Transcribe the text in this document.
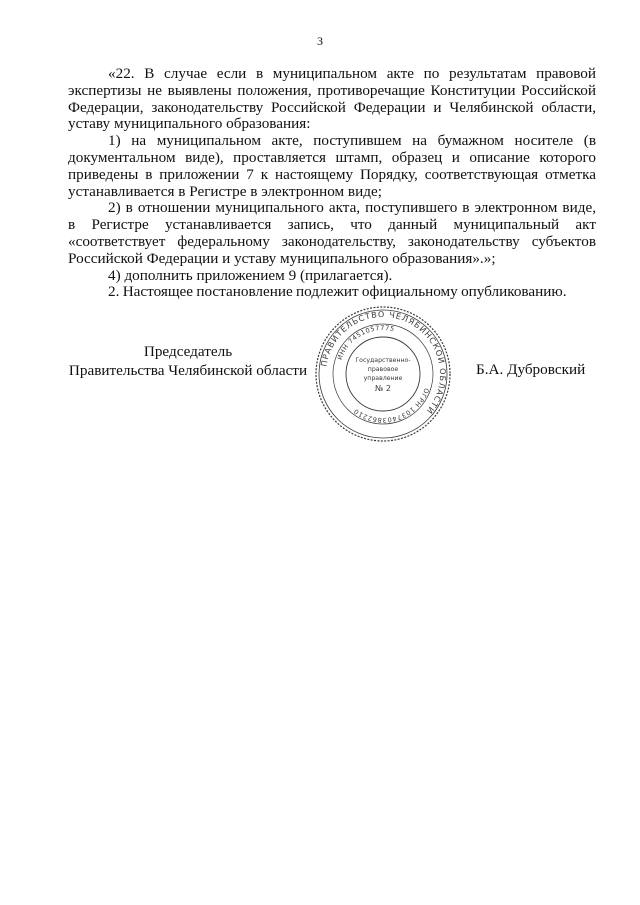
3

«22. В случае если в муниципальном акте по результатам правовой экспертизы не выявлены положения, противоречащие Конституции Российской Федерации, законодательству Российской Федерации и Челябинской области, уставу муниципального образования:

1) на муниципальном акте, поступившем на бумажном носителе (в документальном виде), проставляется штамп, образец и описание которого приведены в приложении 7 к настоящему Порядку, соответствующая отметка устанавливается в Регистре в электронном виде;

2) в отношении муниципального акта, поступившего в электронном виде, в Регистре устанавливается запись, что данный муниципальный акт «соответствует федеральному законодательству, законодательству субъектов Российской Федерации и уставу муниципального образования».»;

4) дополнить приложением 9 (прилагается).

2. Настоящее постановление подлежит официальному опубликованию.

Председатель
Правительства Челябинской области ПРАВИТЕЛЬСТВО ЧЕЛЯБИНСКОЙ ОБЛАСТИ
ОГРН 1037403862210
ИНН 7451057775
Государственно-
правовое
управление
№ 2
Б.А. Дубровский
